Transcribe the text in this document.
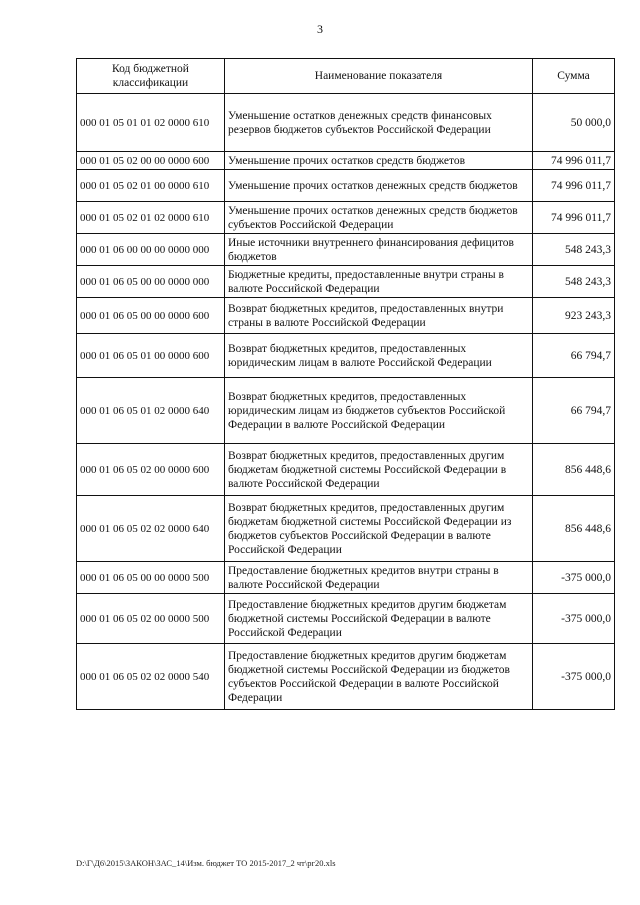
3
Код бюджетной классификации	Наименование показателя	Сумма
000 01 05 01 01 02 0000 610	Уменьшение остатков денежных средств финансовых резервов бюджетов субъектов Российской Федерации	50 000,0
000 01 05 02 00 00 0000 600	Уменьшение прочих остатков средств бюджетов	74 996 011,7
000 01 05 02 01 00 0000 610	Уменьшение прочих остатков денежных средств бюджетов	74 996 011,7
000 01 05 02 01 02 0000 610	Уменьшение прочих остатков денежных средств бюджетов субъектов Российской Федерации	74 996 011,7
000 01 06 00 00 00 0000 000	Иные источники внутреннего финансирования дефицитов бюджетов	548 243,3
000 01 06 05 00 00 0000 000	Бюджетные кредиты, предоставленные внутри страны в валюте Российской Федерации	548 243,3
000 01 06 05 00 00 0000 600	Возврат бюджетных кредитов, предоставленных внутри страны в валюте Российской Федерации	923 243,3
000 01 06 05 01 00 0000 600	Возврат бюджетных кредитов, предоставленных юридическим лицам в валюте Российской Федерации	66 794,7
000 01 06 05 01 02 0000 640	Возврат бюджетных кредитов, предоставленных юридическим лицам из бюджетов субъектов Российской Федерации в валюте Российской Федерации	66 794,7
000 01 06 05 02 00 0000 600	Возврат бюджетных кредитов, предоставленных другим бюджетам бюджетной системы Российской Федерации в валюте Российской Федерации	856 448,6
000 01 06 05 02 02 0000 640	Возврат бюджетных кредитов, предоставленных другим бюджетам бюджетной системы Российской Федерации из бюджетов субъектов Российской Федерации в валюте Российской Федерации	856 448,6
000 01 06 05 00 00 0000 500	Предоставление бюджетных кредитов внутри страны в валюте Российской Федерации	-375 000,0
000 01 06 05 02 00 0000 500	Предоставление бюджетных кредитов другим бюджетам бюджетной системы Российской Федерации в валюте Российской Федерации	-375 000,0
000 01 06 05 02 02 0000 540	Предоставление бюджетных кредитов другим бюджетам бюджетной системы Российской Федерации из бюджетов субъектов Российской Федерации в валюте Российской Федерации	-375 000,0
D:\Г\Д6\2015\ЗАКОН\ЗАС_14\Изм. бюджет ТО 2015-2017_2 чт\рг20.xls
